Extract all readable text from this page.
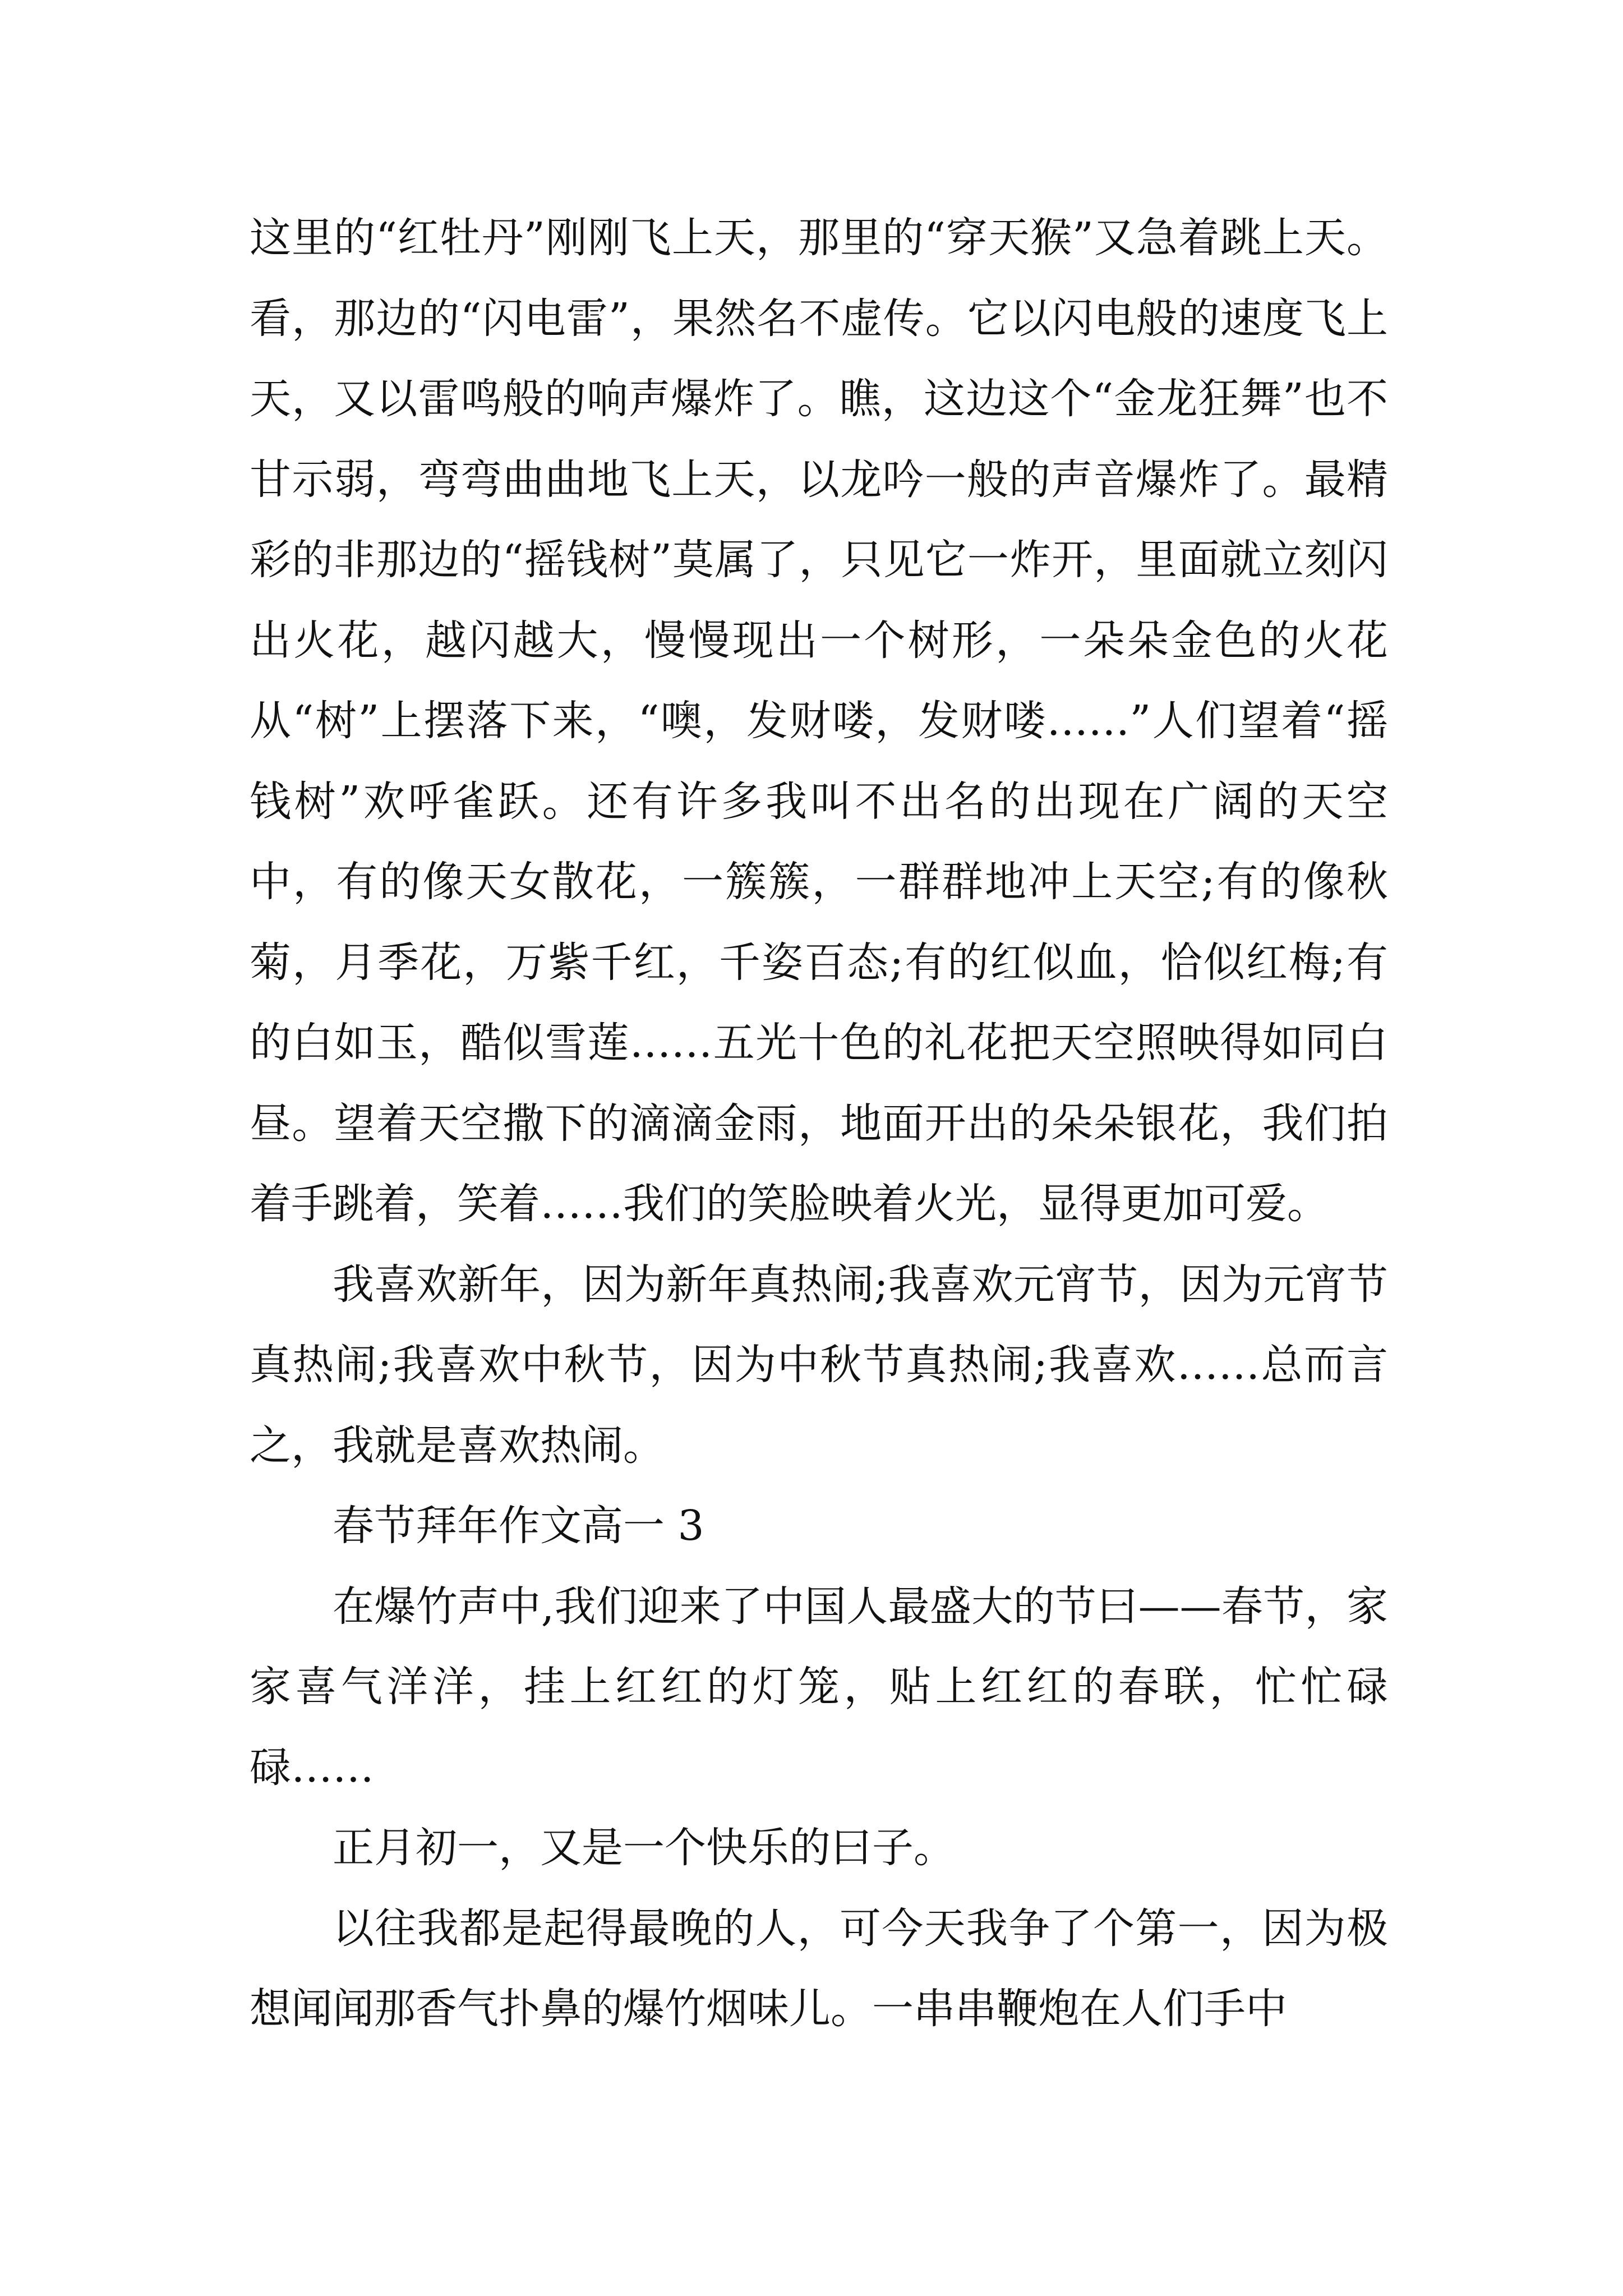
这里的“红牡丹”刚刚飞上天，那里的“穿天猴”又急着跳上天。看，那边的“闪电雷”，果然名不虚传。它以闪电般的速度飞上天，又以雷鸣般的响声爆炸了。瞧，这边这个“金龙狂舞”也不甘示弱，弯弯曲曲地飞上天，以龙吟一般的声音爆炸了。最精彩的非那边的“摇钱树”莫属了，只见它一炸开，里面就立刻闪出火花，越闪越大，慢慢现出一个树形，一朵朵金色的火花从“树”上摆落下来，“噢，发财喽，发财喽……”人们望着“摇钱树”欢呼雀跃。还有许多我叫不出名的出现在广阔的天空中，有的像天女散花，一簇簇，一群群地冲上天空;有的像秋菊，月季花，万紫千红，千姿百态;有的红似血，恰似红梅;有的白如玉，酷似雪莲……五光十色的礼花把天空照映得如同白昼。望着天空撒下的滴滴金雨，地面开出的朵朵银花，我们拍着手跳着，笑着……我们的笑脸映着火光，显得更加可爱。

我喜欢新年，因为新年真热闹;我喜欢元宵节，因为元宵节真热闹;我喜欢中秋节，因为中秋节真热闹;我喜欢……总而言之，我就是喜欢热闹。

春节拜年作文高一 3

在爆竹声中,我们迎来了中国人最盛大的节曰——春节，家家喜气洋洋，挂上红红的灯笼，贴上红红的春联，忙忙碌碌……

正月初一，又是一个快乐的曰子。

以往我都是起得最晚的人，可今天我争了个第一，因为极想闻闻那香气扑鼻的爆竹烟味儿。一串串鞭炮在人们手中
